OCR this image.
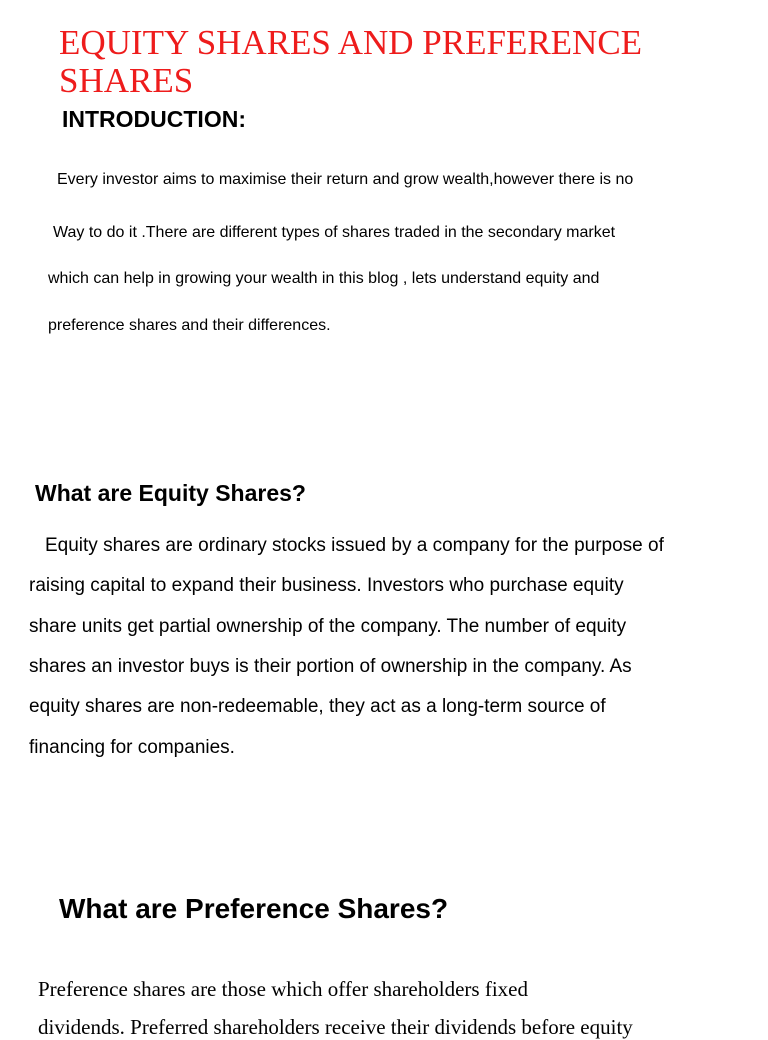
EQUITY SHARES AND PREFERENCE SHARES
INTRODUCTION:
Every investor aims to maximise their return and grow wealth,however there is no
Way to do it .There are different types of shares traded in the secondary market
which can help in growing your wealth in this blog , lets understand equity and
preference shares and their differences.
What are Equity Shares?
Equity shares are ordinary stocks issued by a company for the purpose of
raising capital to expand their business. Investors who purchase equity
share units get partial ownership of the company. The number of equity
shares an investor buys is their portion of ownership in the company. As
equity shares are non-redeemable, they act as a long-term source of
financing for companies.
What are Preference Shares?
Preference shares are those which offer shareholders fixed
dividends. Preferred shareholders receive their dividends before equity
